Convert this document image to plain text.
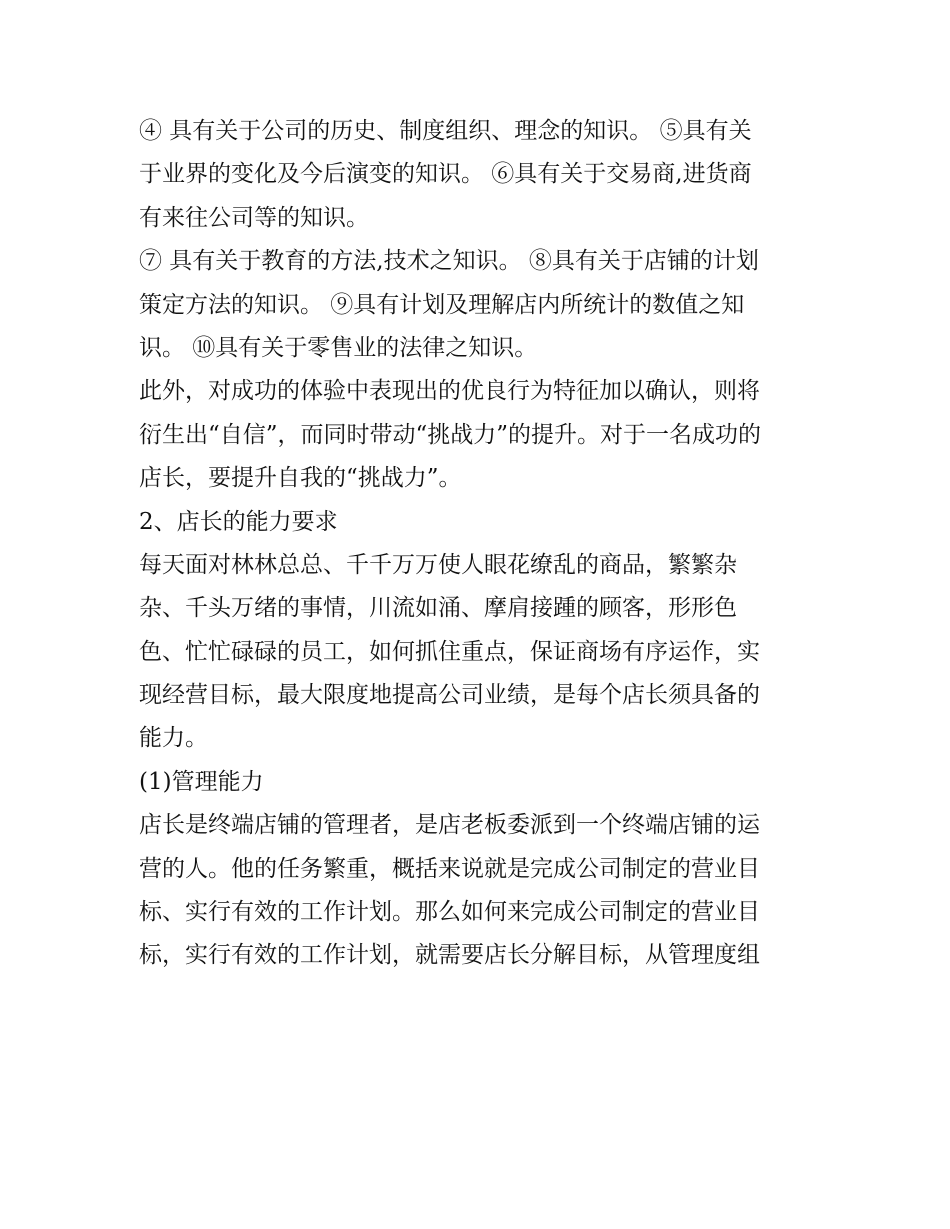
④ 具有关于公司的历史、制度组织、理念的知识。 ⑤具有关
于业界的变化及今后演变的知识。 ⑥具有关于交易商,进货商
有来往公司等的知识。
⑦ 具有关于教育的方法,技术之知识。 ⑧具有关于店铺的计划
策定方法的知识。 ⑨具有计划及理解店内所统计的数值之知
识。 ⑩具有关于零售业的法律之知识。
此外，对成功的体验中表现出的优良行为特征加以确认，则将
衍生出“自信”，而同时带动“挑战力”的提升。对于一名成功的
店长，要提升自我的“挑战力”。
2、店长的能力要求
每天面对林林总总、千千万万使人眼花缭乱的商品，繁繁杂
杂、千头万绪的事情，川流如涌、摩肩接踵的顾客，形形色
色、忙忙碌碌的员工，如何抓住重点，保证商场有序运作，实
现经营目标，最大限度地提高公司业绩，是每个店长须具备的
能力。
(1)管理能力
店长是终端店铺的管理者，是店老板委派到一个终端店铺的运
营的人。他的任务繁重，概括来说就是完成公司制定的营业目
标、实行有效的工作计划。那么如何来完成公司制定的营业目
标，实行有效的工作计划，就需要店长分解目标，从管理度组
